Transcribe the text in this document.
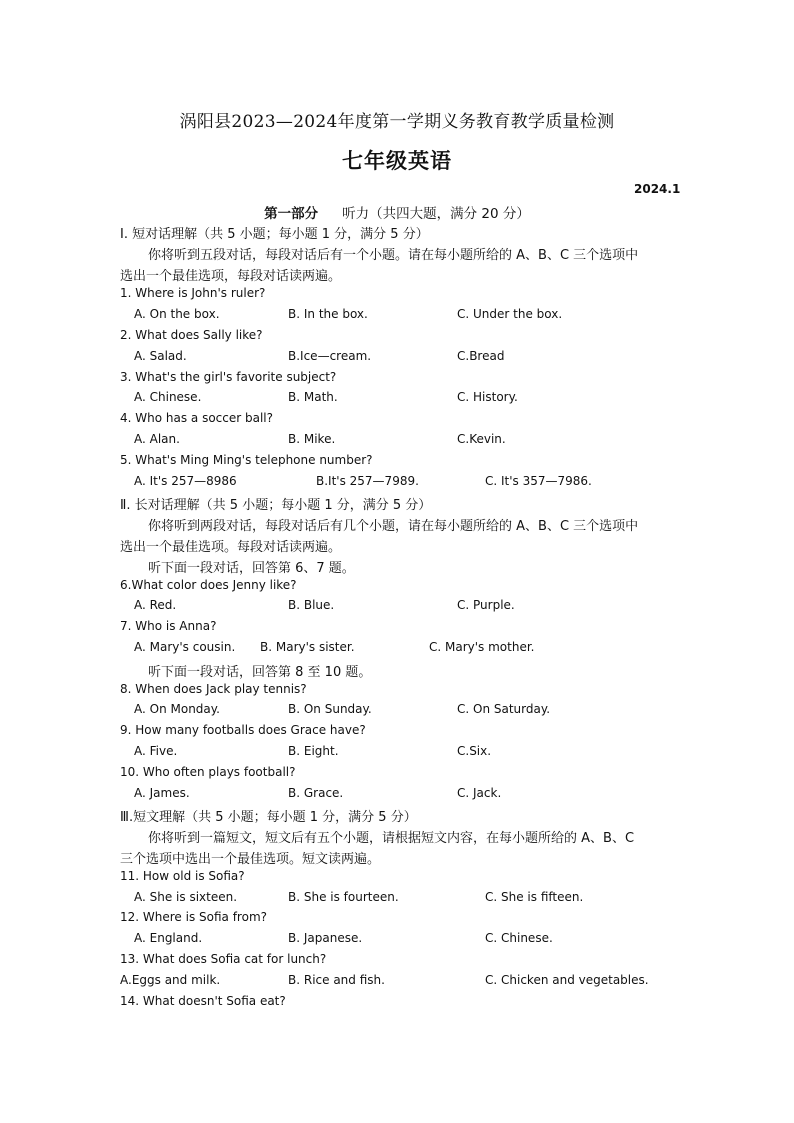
涡阳县2023—2024年度第一学期义务教育教学质量检测
七年级英语
2024.1
第一部分 听力（共四大题，满分 20 分）
I. 短对话理解（共 5 小题；每小题 1 分，满分 5 分）
你将听到五段对话，每段对话后有一个小题。请在每小题所给的 A、B、C 三个选项中
选出一个最佳选项，每段对话读两遍。
1. Where is John's ruler?
A. On the box.	B. In the box.	C. Under the box.
2. What does Sally like?
A. Salad.	B.Ice—cream.	C.Bread
3. What's the girl's favorite subject?
A. Chinese.	B. Math.	C. History.
4. Who has a soccer ball?
A. Alan.	B. Mike.	C.Kevin.
5. What's Ming Ming's telephone number?
A. It's 257—8986	B.It's 257—7989.	C. It's 357—7986.
Ⅱ. 长对话理解（共 5 小题；每小题 1 分，满分 5 分）
你将听到两段对话，每段对话后有几个小题，请在每小题所给的 A、B、C 三个选项中
选出一个最佳选项。每段对话读两遍。
听下面一段对话，回答第 6、7 题。
6.What color does Jenny like?
A. Red.	B. Blue.	C. Purple.
7. Who is Anna?
A. Mary's cousin. B. Mary's sister.	C. Mary's mother.
听下面一段对话，回答第 8 至 10 题。
8. When does Jack play tennis?
A. On Monday.	B. On Sunday.	C. On Saturday.
9. How many footballs does Grace have?
A. Five.	B. Eight.	C.Six.
10. Who often plays football?
A. James.	B. Grace.	C. Jack.
Ⅲ.短文理解（共 5 小题；每小题 1 分，满分 5 分）
你将听到一篇短文，短文后有五个小题，请根据短文内容，在每小题所给的 A、B、C
三个选项中选出一个最佳选项。短文读两遍。
11. How old is Sofia?
A. She is sixteen.	B. She is fourteen.	C. She is fifteen.
12. Where is Sofia from?
A. England.	B. Japanese.	C. Chinese.
13. What does Sofia cat for lunch?
A.Eggs and milk.	B. Rice and fish.	C. Chicken and vegetables.
14. What doesn't Sofia eat?
